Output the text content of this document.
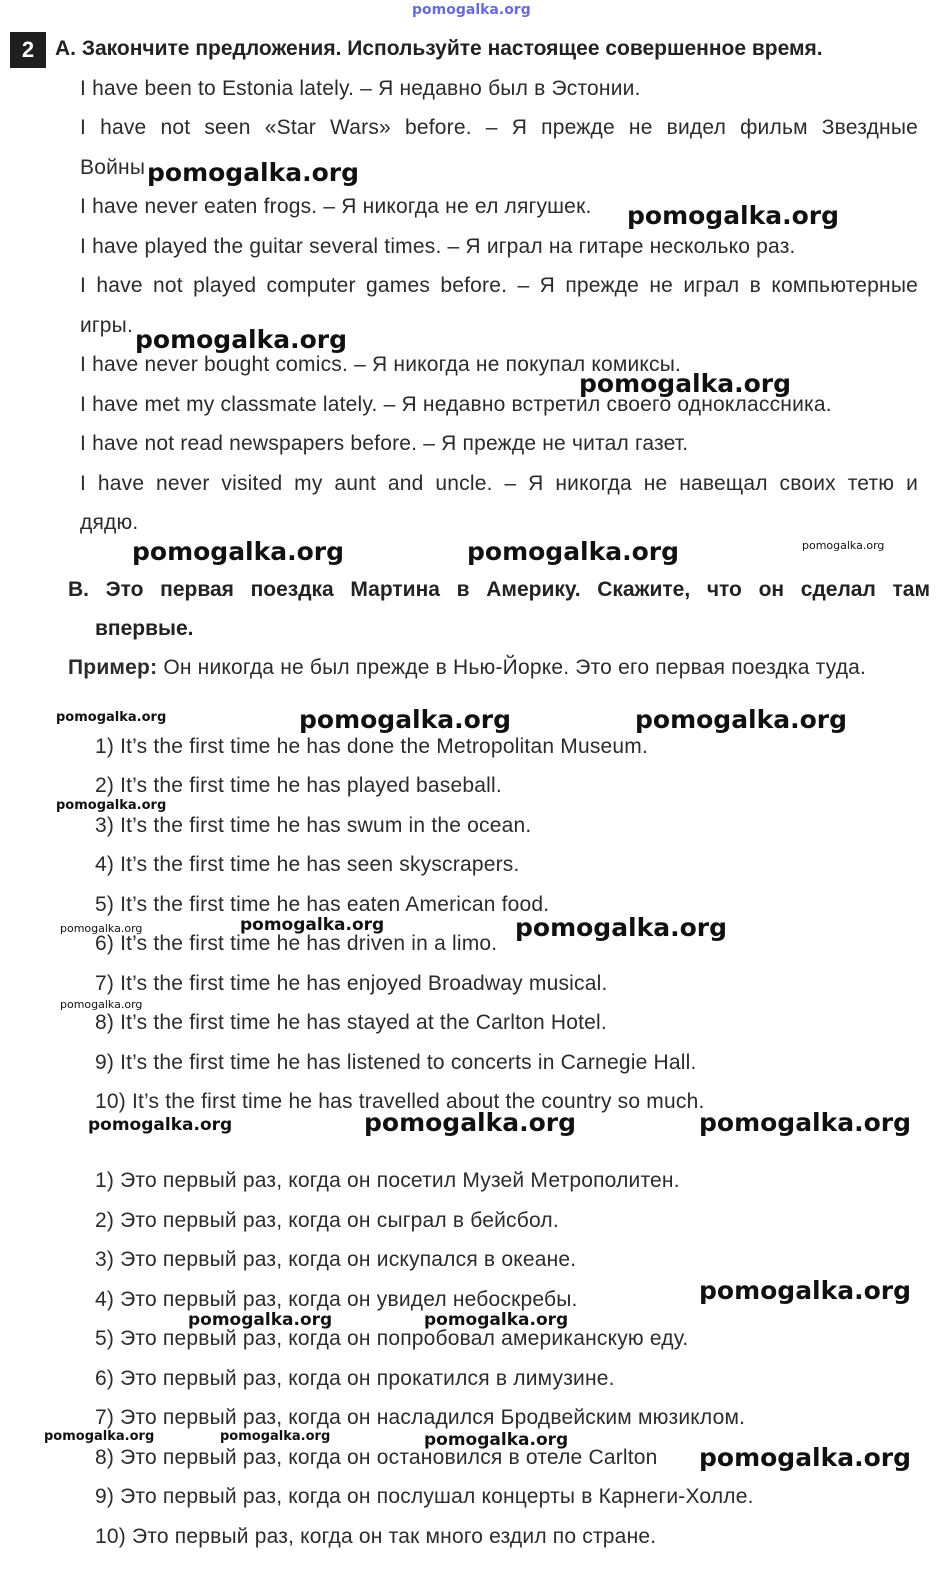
pomogalka.org
2 A. Закончите предложения. Используйте настоящее совершенное время.
I have been to Estonia lately. – Я недавно был в Эстонии.
I have not seen «Star Wars» before. – Я прежде не видел фильм Звездные
Войны
I have never eaten frogs. – Я никогда не ел лягушек.
I have played the guitar several times. – Я играл на гитаре несколько раз.
I have not played computer games before. – Я прежде не играл в компьютерные
игры.
I have never bought comics. – Я никогда не покупал комиксы.
I have met my classmate lately. – Я недавно встретил своего одноклассника.
I have not read newspapers before. – Я прежде не читал газет.
I have never visited my aunt and uncle. – Я никогда не навещал своих тетю и
дядю.
B. Это первая поездка Мартина в Америку. Скажите, что он сделал там
впервые.
Пример: Он никогда не был прежде в Нью-Йорке. Это его первая поездка туда.
1) It’s the first time he has done the Metropolitan Museum.
2) It’s the first time he has played baseball.
3) It’s the first time he has swum in the ocean.
4) It’s the first time he has seen skyscrapers.
5) It’s the first time he has eaten American food.
6) It’s the first time he has driven in a limo.
7) It’s the first time he has enjoyed Broadway musical.
8) It’s the first time he has stayed at the Carlton Hotel.
9) It’s the first time he has listened to concerts in Carnegie Hall.
10) It’s the first time he has travelled about the country so much.
1) Это первый раз, когда он посетил Музей Метрополитен.
2) Это первый раз, когда он сыграл в бейсбол.
3) Это первый раз, когда он искупался в океане.
4) Это первый раз, когда он увидел небоскребы.
5) Это первый раз, когда он попробовал американскую еду.
6) Это первый раз, когда он прокатился в лимузине.
7) Это первый раз, когда он насладился Бродвейским мюзиклом.
8) Это первый раз, когда он остановился в отеле Carlton
9) Это первый раз, когда он послушал концерты в Карнеги-Холле.
10) Это первый раз, когда он так много ездил по стране.
pomogalka.org
pomogalka.org
pomogalka.org
pomogalka.org
pomogalka.org	pomogalka.org	pomogalka.org
pomogalka.org	pomogalka.org	pomogalka.org
pomogalka.org
pomogalka.org
pomogalka.org	pomogalka.org
pomogalka.org
pomogalka.org	pomogalka.org	pomogalka.org
pomogalka.org
pomogalka.org	pomogalka.org
pomogalka.org	pomogalka.org	pomogalka.org
pomogalka.org
